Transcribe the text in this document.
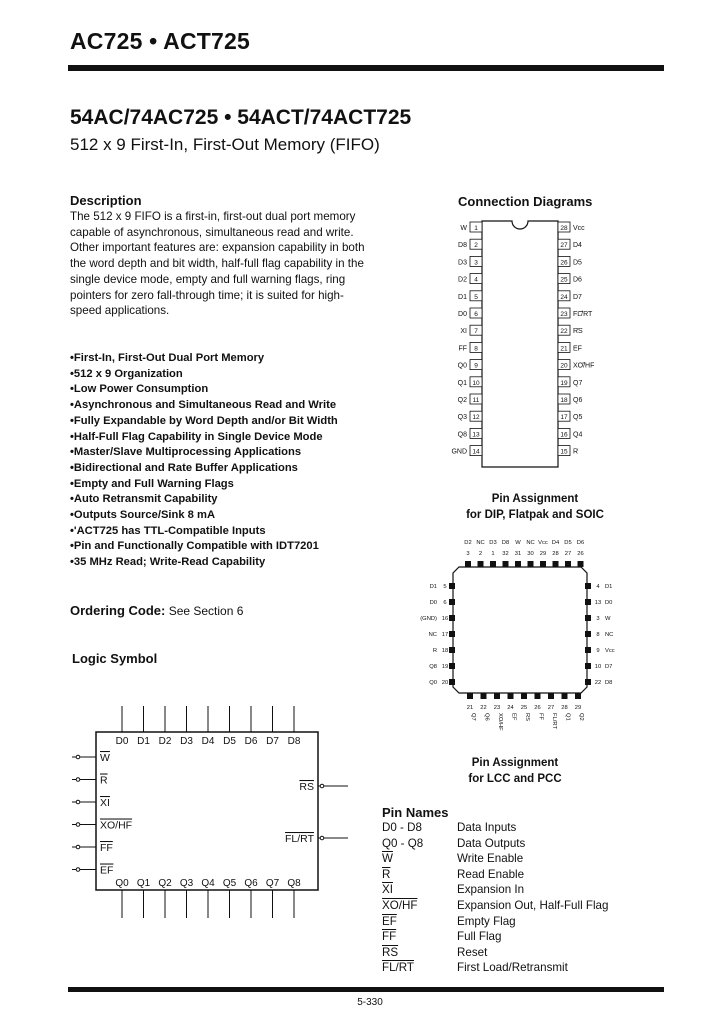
AC725 • ACT725
54AC/74AC725 • 54ACT/74ACT725
512 x 9 First-In, First-Out Memory (FIFO)
Description
The 512 x 9 FIFO is a first-in, first-out dual port memory capable of asynchronous, simultaneous read and write. Other important features are: expansion capability in both the word depth and bit width, half-full flag capability in the single device mode, empty and full warning flags, ring pointers for zero fall-through time; it is suited for high-speed applications.
• First-In, First-Out Dual Port Memory
• 512 x 9 Organization
• Low Power Consumption
• Asynchronous and Simultaneous Read and Write
• Fully Expandable by Word Depth and/or Bit Width
• Half-Full Flag Capability in Single Device Mode
• Master/Slave Multiprocessing Applications
• Bidirectional and Rate Buffer Applications
• Empty and Full Warning Flags
• Auto Retransmit Capability
• Outputs Source/Sink 8 mA
• 'ACT725 has TTL-Compatible Inputs
• Pin and Functionally Compatible with IDT7201
• 35 MHz Read; Write-Read Capability
Ordering Code: See Section 6
Logic Symbol
D0 D1 D2 D3 D4 D5 D6 D7 D8
Q0 Q1 Q2 Q3 Q4 Q5 Q6 Q7 Q8
W
R
XI
XO/HF
FF
EF
RS
FL/RT
Connection Diagrams
1
W
2
D8
3
D3
4
D2
5
D1
6
D0
7
XI
8
FF
9
Q0
10
Q1
11
Q2
12
Q3
13
Q8
14
GND
28 Vcc
27 D4
26 D5
25 D6
24 D7
23 FL/RT
22 RS
21 EF
20 XO/HF
19 Q7
18 Q6
17 Q5
16 Q4
15 R
Pin Assignment
for DIP, Flatpak and SOIC
D2
3
NC
2
D3
1
D8
32
W
31
NC
30
Vcc
29
D4
28
D5
27
D6
26
D1 5
D0 6
(GND) 16
NC 17
R 18
Q8 19
Q0 20
4 D1
13 D0
3 W
8 NC
9 Vcc
10 D7
22 D8
21
Q7
22
Q6
23
XO/HF
24
EF
25
RS
26
FF
27
FL/RT
28
Q1
29
Q2
Pin Assignment
for LCC and PCC
Pin Names
D0 - D8	Data Inputs
Q0 - Q8	Data Outputs
$\overline{W}$	Write Enable
$\overline{R}$	Read Enable
$\overline{XI}$	Expansion In
XO/HF	Expansion Out, Half-Full Flag
$\overline{EF}$	Empty Flag
$\overline{FF}$	Full Flag
$\overline{RS}$	Reset
FL/RT	First Load/Retransmit
5-330
